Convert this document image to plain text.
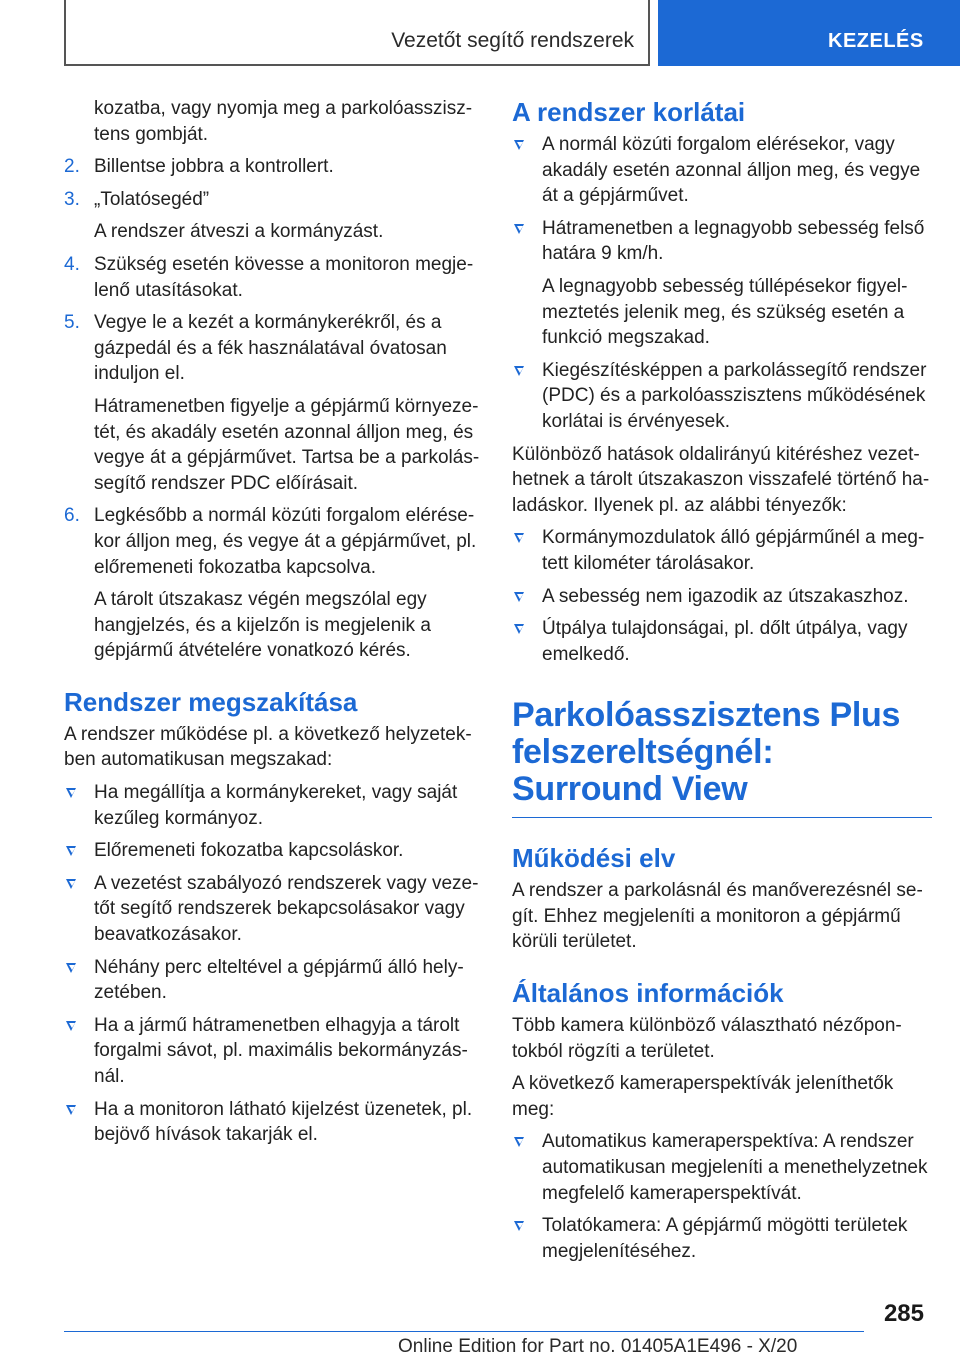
Vezetőt segítő rendszerek	KEZELÉS
kozatba, vagy nyomja meg a parkolóasszisztens gombját.
2. Billentse jobbra a kontrollert.
3. „Tolatósegéd”
A rendszer átveszi a kormányzást.
4. Szükség esetén kövesse a monitoron megjelenő utasításokat.
5. Vegye le a kezét a kormánykerékről, és a gázpedál és a fék használatával óvatosan induljon el.
Hátramenetben figyelje a gépjármű környezetét, és akadály esetén azonnal álljon meg, és vegye át a gépjárművet. Tartsa be a parkolássegítő rendszer PDC előírásait.
6. Legkésőbb a normál közúti forgalom elérésekor álljon meg, és vegye át a gépjárművet, pl. előremeneti fokozatba kapcsolva.
A tárolt útszakasz végén megszólal egy hangjelzés, és a kijelzőn is megjelenik a gépjármű átvételére vonatkozó kérés.
Rendszer megszakítása
A rendszer működése pl. a következő helyzetekben automatikusan megszakad:
Ha megállítja a kormánykereket, vagy saját kezűleg kormányoz.
Előremeneti fokozatba kapcsoláskor.
A vezetést szabályozó rendszerek vagy vezetőt segítő rendszerek bekapcsolásakor vagy beavatkozásakor.
Néhány perc elteltével a gépjármű álló helyzetében.
Ha a jármű hátramenetben elhagyja a tárolt forgalmi sávot, pl. maximális bekormányzásnál.
Ha a monitoron látható kijelzést üzenetek, pl. bejövő hívások takarják el.
A rendszer korlátai
A normál közúti forgalom elérésekor, vagy akadály esetén azonnal álljon meg, és vegye át a gépjárművet.
Hátramenetben a legnagyobb sebesség felső határa 9 km/h.
A legnagyobb sebesség túllépésekor figyelmeztetés jelenik meg, és szükség esetén a funkció megszakad.
Kiegészítésképpen a parkolássegítő rendszer (PDC) és a parkolóasszisztens működésének korlátai is érvényesek.
Különböző hatások oldalirányú kitéréshez vezethetnek a tárolt útszakaszon visszafelé történő haladáskor. Ilyenek pl. az alábbi tényezők:
Kormánymozdulatok álló gépjárműnél a megtett kilométer tárolásakor.
A sebesség nem igazodik az útszakaszhoz.
Útpálya tulajdonságai, pl. dőlt útpálya, vagy emelkedő.
Parkolóasszisztens Plus felszereltségnél: Surround View
Működési elv
A rendszer a parkolásnál és manőverezésnél segít. Ehhez megjeleníti a monitoron a gépjármű körüli területet.
Általános információk
Több kamera különböző választható nézőpontokból rögzíti a területet.
A következő kameraperspektívák jeleníthetők meg:
Automatikus kameraperspektíva: A rendszer automatikusan megjeleníti a menethelyzetnek megfelelő kameraperspektívát.
Tolatókamera: A gépjármű mögötti területek megjelenítéséhez.
285
Online Edition for Part no. 01405A1E496 - X/20
